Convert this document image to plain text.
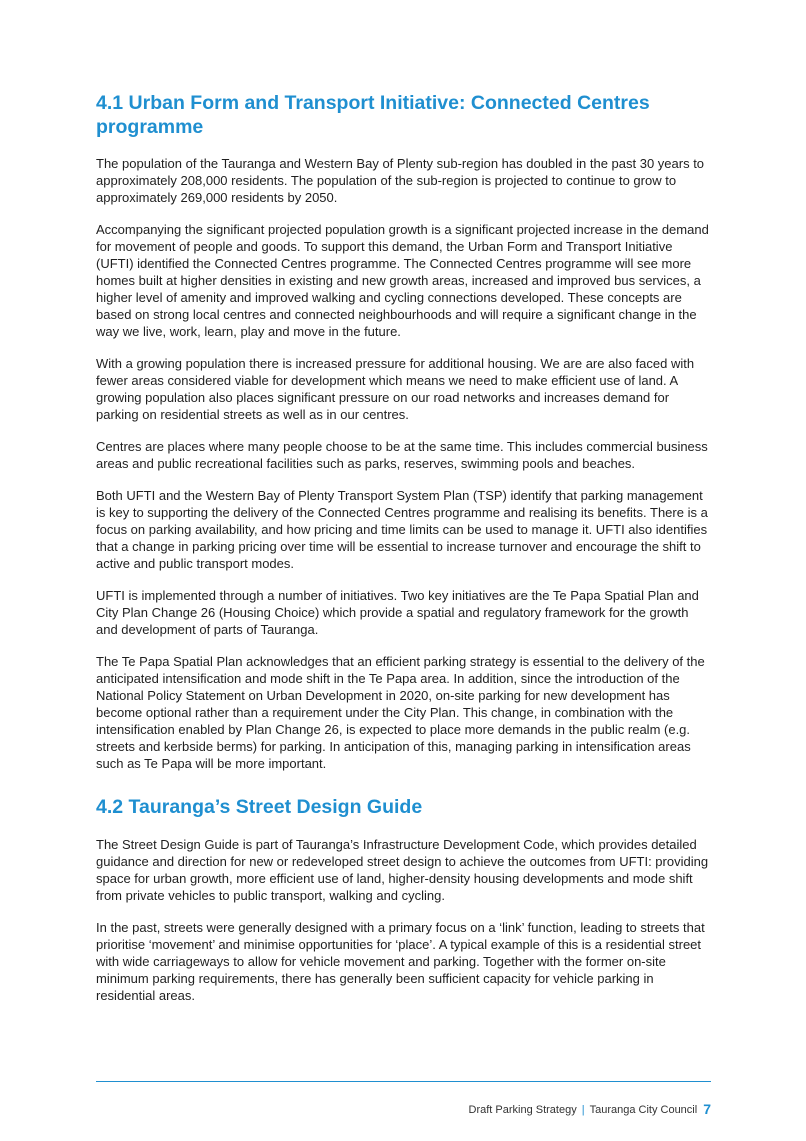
4.1 Urban Form and Transport Initiative: Connected Centres programme

The population of the Tauranga and Western Bay of Plenty sub-region has doubled in the past 30 years to approximately 208,000 residents. The population of the sub-region is projected to continue to grow to approximately 269,000 residents by 2050.

Accompanying the significant projected population growth is a significant projected increase in the demand for movement of people and goods. To support this demand, the Urban Form and Transport Initiative (UFTI) identified the Connected Centres programme. The Connected Centres programme will see more homes built at higher densities in existing and new growth areas, increased and improved bus services, a higher level of amenity and improved walking and cycling connections developed. These concepts are based on strong local centres and connected neighbourhoods and will require a significant change in the way we live, work, learn, play and move in the future.

With a growing population there is increased pressure for additional housing. We are are also faced with fewer areas considered viable for development which means we need to make efficient use of land. A growing population also places significant pressure on our road networks and increases demand for parking on residential streets as well as in our centres.

Centres are places where many people choose to be at the same time. This includes commercial business areas and public recreational facilities such as parks, reserves, swimming pools and beaches.

Both UFTI and the Western Bay of Plenty Transport System Plan (TSP) identify that parking management is key to supporting the delivery of the Connected Centres programme and realising its benefits. There is a focus on parking availability, and how pricing and time limits can be used to manage it. UFTI also identifies that a change in parking pricing over time will be essential to increase turnover and encourage the shift to active and public transport modes.

UFTI is implemented through a number of initiatives. Two key initiatives are the Te Papa Spatial Plan and City Plan Change 26 (Housing Choice) which provide a spatial and regulatory framework for the growth and development of parts of Tauranga.

The Te Papa Spatial Plan acknowledges that an efficient parking strategy is essential to the delivery of the anticipated intensification and mode shift in the Te Papa area. In addition, since the introduction of the National Policy Statement on Urban Development in 2020, on-site parking for new development has become optional rather than a requirement under the City Plan. This change, in combination with the intensification enabled by Plan Change 26, is expected to place more demands in the public realm (e.g. streets and kerbside berms) for parking. In anticipation of this, managing parking in intensification areas such as Te Papa will be more important.

4.2 Tauranga’s Street Design Guide

The Street Design Guide is part of Tauranga’s Infrastructure Development Code, which provides detailed guidance and direction for new or redeveloped street design to achieve the outcomes from UFTI: providing space for urban growth, more efficient use of land, higher-density housing developments and mode shift from private vehicles to public transport, walking and cycling.

In the past, streets were generally designed with a primary focus on a ‘link’ function, leading to streets that prioritise ‘movement’ and minimise opportunities for ‘place’. A typical example of this is a residential street with wide carriageways to allow for vehicle movement and parking. Together with the former on-site minimum parking requirements, there has generally been sufficient capacity for vehicle parking in residential areas.

Draft Parking Strategy | Tauranga City Council 7
